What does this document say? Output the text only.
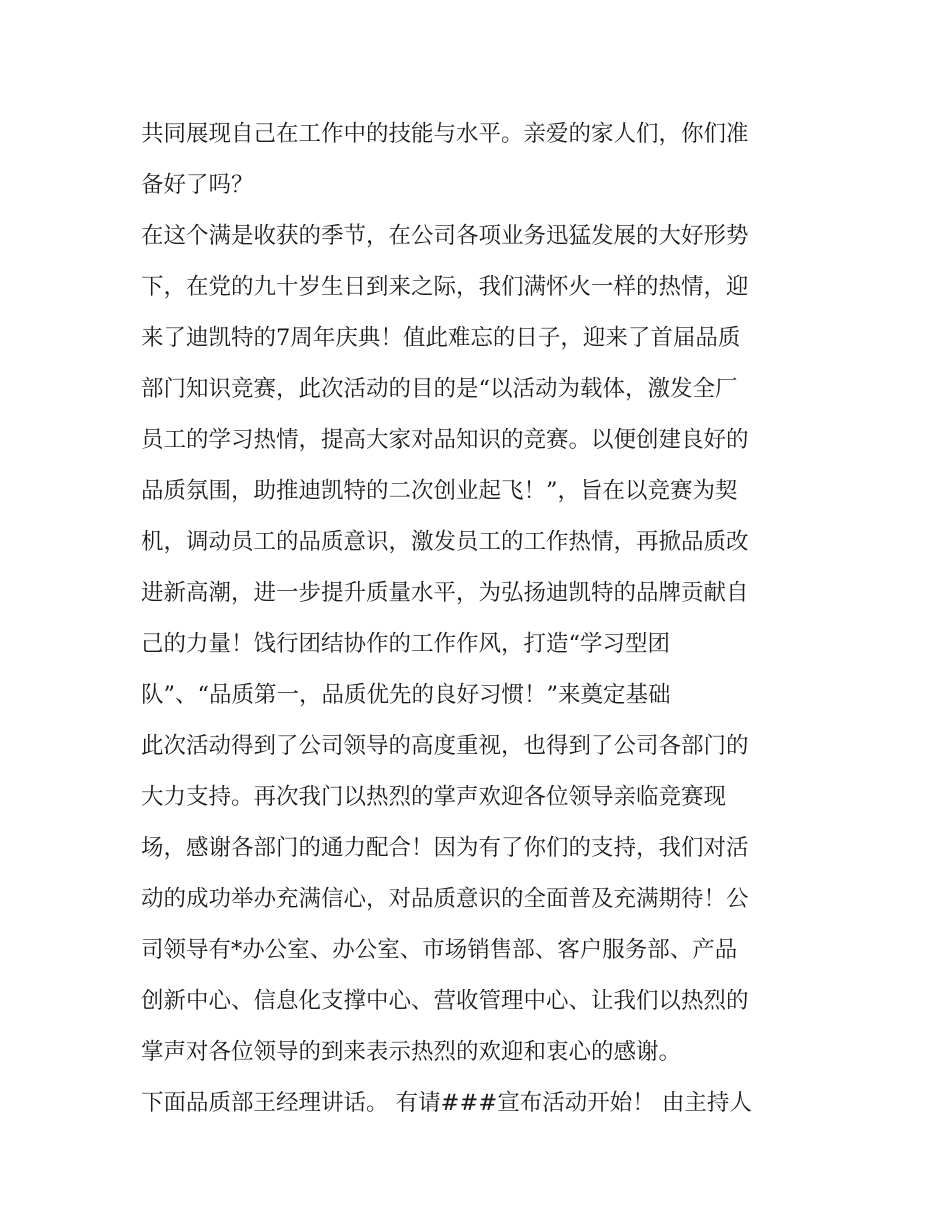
共同展现自己在工作中的技能与水平。亲爱的家人们，你们准
备好了吗？
在这个满是收获的季节，在公司各项业务迅猛发展的大好形势
下，在党的九十岁生日到来之际，我们满怀火一样的热情，迎
来了迪凯特的7周年庆典！值此难忘的日子，迎来了首届品质
部门知识竞赛，此次活动的目的是“以活动为载体，激发全厂
员工的学习热情，提高大家对品知识的竞赛。以便创建良好的
品质氛围，助推迪凯特的二次创业起飞！”，旨在以竞赛为契
机，调动员工的品质意识，激发员工的工作热情，再掀品质改
进新高潮，进一步提升质量水平，为弘扬迪凯特的品牌贡献自
己的力量！饯行团结协作的工作作风，打造“学习型团
队”、“品质第一，品质优先的良好习惯！”来奠定基础
此次活动得到了公司领导的高度重视，也得到了公司各部门的
大力支持。再次我门以热烈的掌声欢迎各位领导亲临竞赛现
场，感谢各部门的通力配合！因为有了你们的支持，我们对活
动的成功举办充满信心，对品质意识的全面普及充满期待！公
司领导有*办公室、办公室、市场销售部、客户服务部、产品
创新中心、信息化支撑中心、营收管理中心、让我们以热烈的
掌声对各位领导的到来表示热烈的欢迎和衷心的感谢。
下面品质部王经理讲话。 有请###宣布活动开始！ 由主持人
